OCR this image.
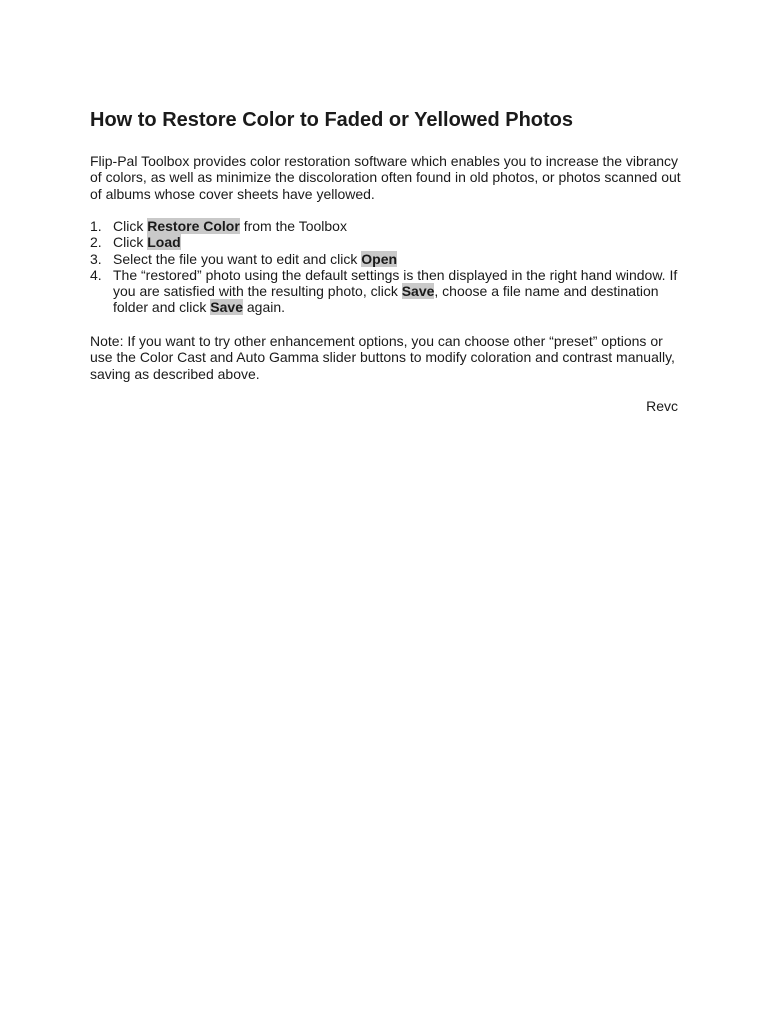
How to Restore Color to Faded or Yellowed Photos

Flip-Pal Toolbox provides color restoration software which enables you to increase the vibrancy
of colors, as well as minimize the discoloration often found in old photos, or photos scanned out
of albums whose cover sheets have yellowed.

1. Click Restore Color from the Toolbox
2. Click Load
3. Select the file you want to edit and click Open
4. The “restored” photo using the default settings is then displayed in the right hand window. If
you are satisfied with the resulting photo, click Save, choose a file name and destination
folder and click Save again.

Note: If you want to try other enhancement options, you can choose other “preset” options or
use the Color Cast and Auto Gamma slider buttons to modify coloration and contrast manually,
saving as described above.

Revc
